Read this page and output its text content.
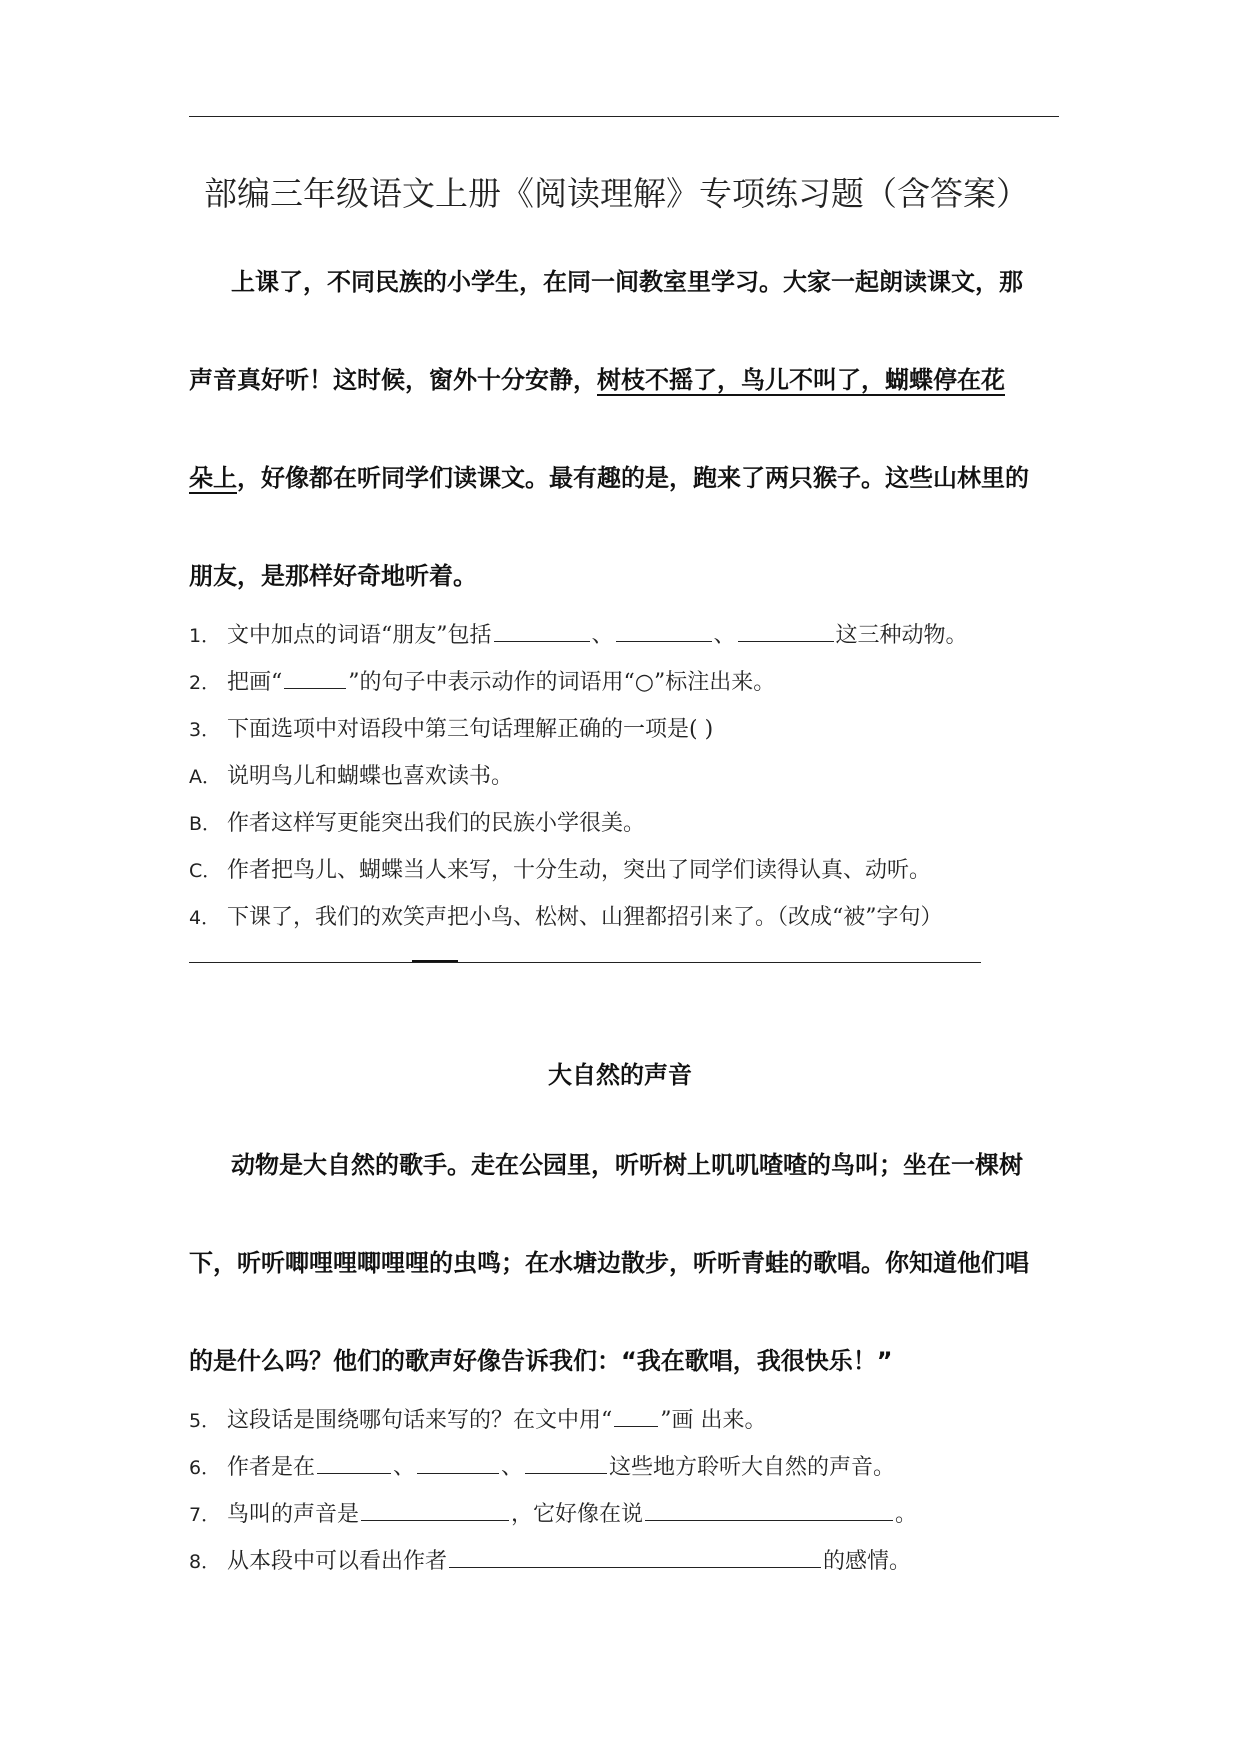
部编三年级语文上册《阅读理解》专项练习题（含答案）
上课了，不同民族的小学生，在同一间教室里学习。大家一起朗读课文，那
声音真好听！这时候，窗外十分安静，树枝不摇了，鸟儿不叫了，蝴蝶停在花
朵上，好像都在听同学们读课文。最有趣的是，跑来了两只猴子。这些山林里的
朋友，是那样好奇地听着。
1． 文中加点的词语“朋友”包括	、	、	这三种动物。
2． 把画“	”的句子中表示动作的词语用“○”标注出来。
3． 下面选项中对语段中第三句话理解正确的一项是( )
A． 说明鸟儿和蝴蝶也喜欢读书。
B． 作者这样写更能突出我们的民族小学很美。
C． 作者把鸟儿、蝴蝶当人来写，十分生动，突出了同学们读得认真、动听。
4． 下课了，我们的欢笑声把小鸟、松树、山狸都招引来了。（改成“被”字句）
大自然的声音
动物是大自然的歌手。走在公园里，听听树上叽叽喳喳的鸟叫；坐在一棵树
下，听听唧哩哩唧哩哩的虫鸣；在水塘边散步，听听青蛙的歌唱。你知道他们唱
的是什么吗？他们的歌声好像告诉我们：“我在歌唱，我很快乐！”
5． 这段话是围绕哪句话来写的？在文中用“ ”画 出来。
6． 作者是在	、	、	这些地方聆听大自然的声音。
7． 鸟叫的声音是	，它好像在说	。
8． 从本段中可以看出作者	的感情。
